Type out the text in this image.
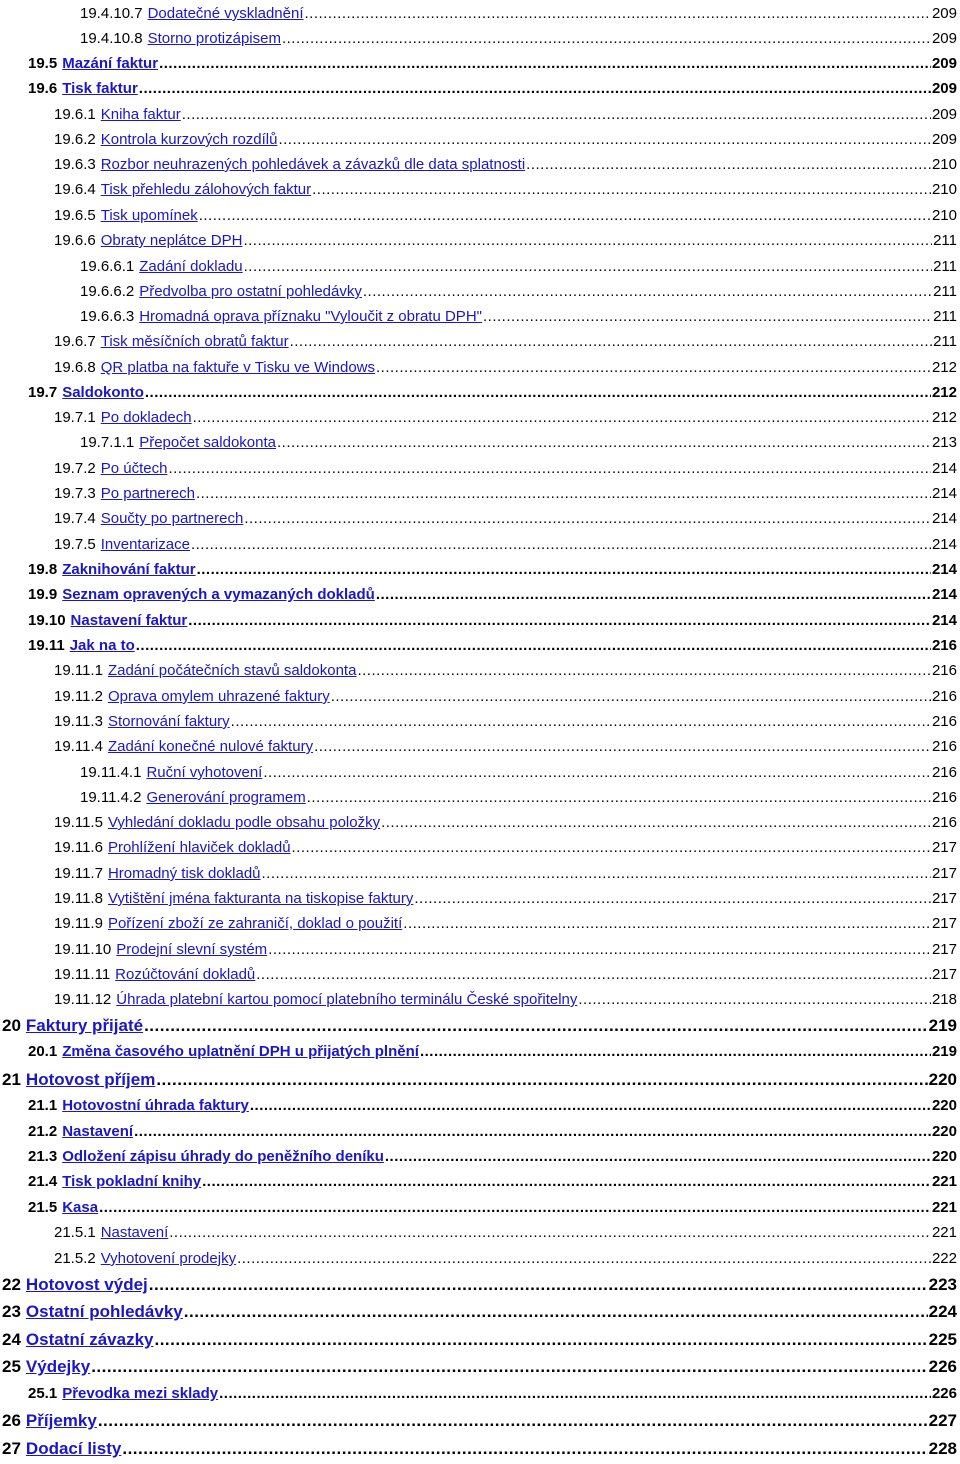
19.4.10.7 Dodatečné vyskladnění .....	209
19.4.10.8 Storno protizápisem .....	209
19.5 Mazání faktur .....	209
19.6 Tisk faktur .....	209
19.6.1 Kniha faktur .....	209
19.6.2 Kontrola kurzových rozdílů .....	209
19.6.3 Rozbor neuhrazených pohledávek a závazků dle data splatnosti .....	210
19.6.4 Tisk přehledu zálohových faktur .....	210
19.6.5 Tisk upomínek .....	210
19.6.6 Obraty neplátce DPH .....	211
19.6.6.1 Zadání dokladu .....	211
19.6.6.2 Předvolba pro ostatní pohledávky .....	211
19.6.6.3 Hromadná oprava příznaku "Vyloučit z obratu DPH" .....	211
19.6.7 Tisk měsíčních obratů faktur .....	211
19.6.8 QR platba na faktuře v Tisku ve Windows .....	212
19.7 Saldokonto .....	212
19.7.1 Po dokladech .....	212
19.7.1.1 Přepočet saldokonta .....	213
19.7.2 Po účtech .....	214
19.7.3 Po partnerech .....	214
19.7.4 Součty po partnerech .....	214
19.7.5 Inventarizace .....	214
19.8 Zaknihování faktur .....	214
19.9 Seznam opravených a vymazaných dokladů .....	214
19.10 Nastavení faktur .....	214
19.11 Jak na to .....	216
19.11.1 Zadání počátečních stavů saldokonta .....	216
19.11.2 Oprava omylem uhrazené faktury .....	216
19.11.3 Stornování faktury .....	216
19.11.4 Zadání konečné nulové faktury .....	216
19.11.4.1 Ruční vyhotovení .....	216
19.11.4.2 Generování programem .....	216
19.11.5 Vyhledání dokladu podle obsahu položky .....	216
19.11.6 Prohlížení hlaviček dokladů .....	217
19.11.7 Hromadný tisk dokladů .....	217
19.11.8 Vytištění jména fakturanta na tiskopise faktury .....	217
19.11.9 Pořízení zboží ze zahraničí, doklad o použití .....	217
19.11.10 Prodejní slevní systém .....	217
19.11.11 Rozúčtování dokladů .....	217
19.11.12 Úhrada platební kartou pomocí platebního terminálu České spořitelny .....	218
20 Faktury přijaté .....	219
20.1 Změna časového uplatnění DPH u přijatých plnění .....	219
21 Hotovost příjem .....	220
21.1 Hotovostní úhrada faktury .....	220
21.2 Nastavení .....	220
21.3 Odložení zápisu úhrady do peněžního deníku .....	220
21.4 Tisk pokladní knihy .....	221
21.5 Kasa .....	221
21.5.1 Nastavení .....	221
21.5.2 Vyhotovení prodejky .....	222
22 Hotovost výdej .....	223
23 Ostatní pohledávky .....	224
24 Ostatní závazky .....	225
25 Výdejky .....	226
25.1 Převodka mezi sklady .....	226
26 Příjemky .....	227
27 Dodací listy .....	228
